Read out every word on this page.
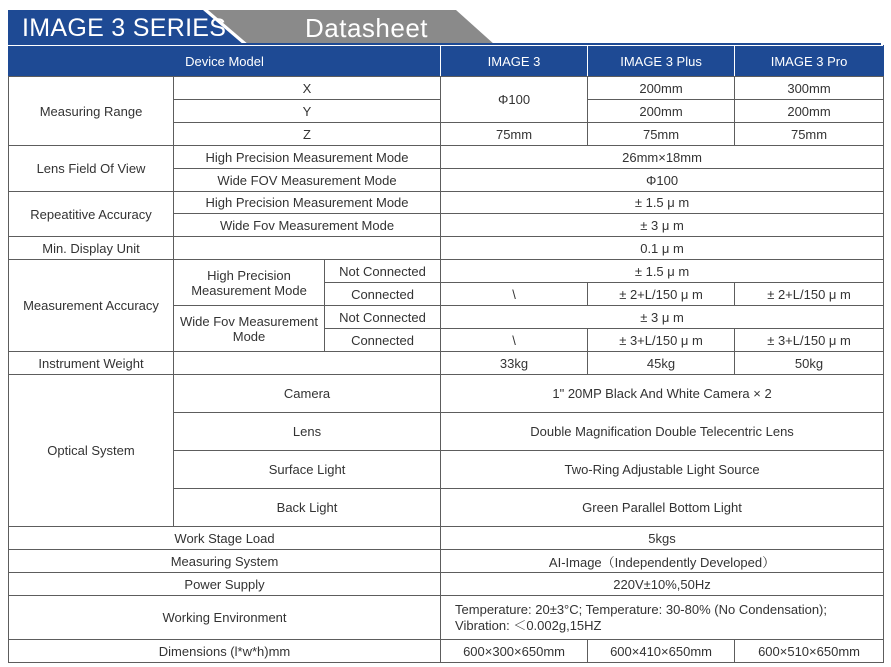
IMAGE 3 SERIES	Datasheet
Device Model			IMAGE 3	IMAGE 3 Plus	IMAGE 3 Pro
Measuring Range	X		Φ100	200mm	300mm
	Y			200mm	200mm
	Z		75mm	75mm	75mm
Lens Field Of View	High Precision Measurement Mode		26mm×18mm		
	Wide FOV Measurement Mode		Φ100		
Repeatitive Accuracy	High Precision Measurement Mode		± 1.5 μ m		
	Wide Fov Measurement Mode		± 3 μ m		
Min. Display Unit			0.1 μ m		
Measurement Accuracy	High Precision Measurement Mode	Not Connected	± 1.5 μ m		
		Connected	\	± 2+L/150 μ m	± 2+L/150 μ m
	Wide Fov Measurement Mode	Not Connected	± 3 μ m		
		Connected	\	± 3+L/150 μ m	± 3+L/150 μ m
Instrument Weight			33kg	45kg	50kg
Optical System	Camera		1" 20MP Black And White Camera × 2		
	Lens		Double Magnification Double Telecentric Lens		
	Surface Light		Two-Ring Adjustable Light Source		
	Back Light		Green Parallel Bottom Light		
Work Stage Load			5kgs		
Measuring System			AI-Image（Independently Developed）		
Power Supply			220V±10%,50Hz		
Working Environment			Temperature: 20±3°C; Temperature: 30-80% (No Condensation);
Vibration: ＜0.002g,15HZ		

Dimensions (l*w*h)mm			600×300×650mm	600×410×650mm	600×510×650mm
